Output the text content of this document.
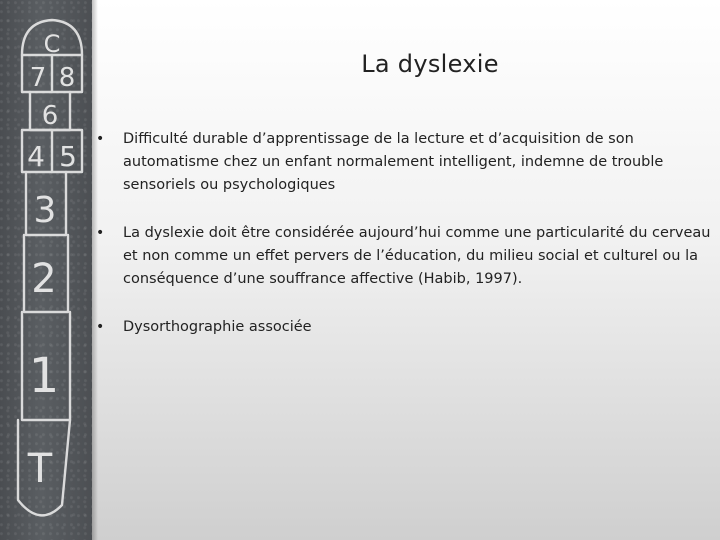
C
7 8
6
4 5
3
2
1
T
La dyslexie
• Difficulté durable d’apprentissage de la lecture et d’acquisition de son automatisme chez un enfant normalement intelligent, indemne de trouble sensoriels ou psychologiques
• La dyslexie doit être considérée aujourd’hui comme une particularité du cerveau et non comme un effet pervers de l’éducation, du milieu social et culturel ou la conséquence d’une souffrance affective (Habib, 1997).
• Dysorthographie associée
